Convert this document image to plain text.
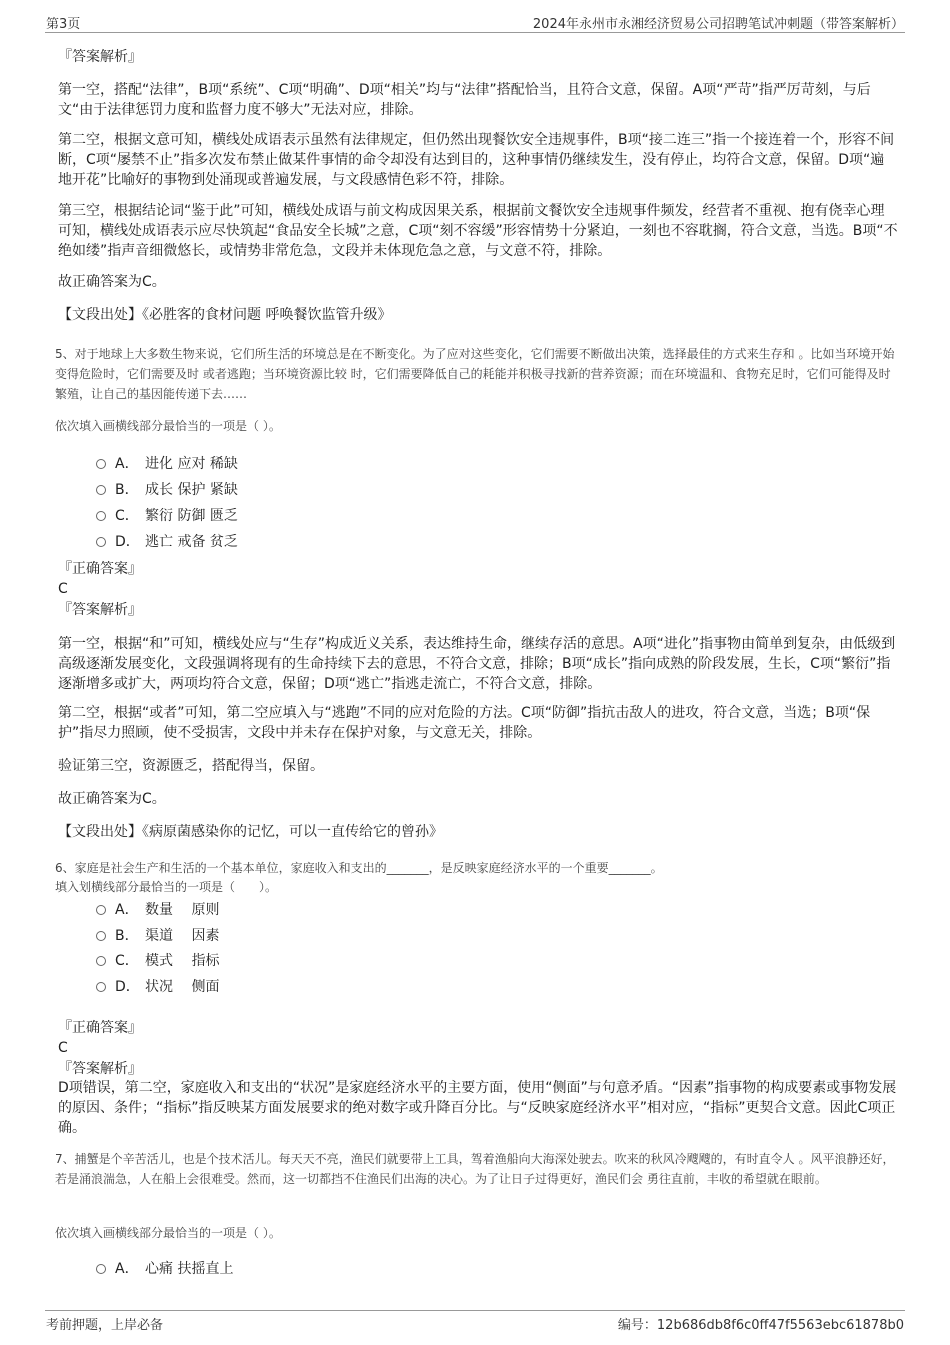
第3页	2024年永州市永湘经济贸易公司招聘笔试冲刺题（带答案解析）
『答案解析』

第一空，搭配“法律”，B项“系统”、C项“明确”、D项“相关”均与“法律”搭配恰当，且符合文意，保留。A项“严苛”指严厉苛刻，与后文“由于法律惩罚力度和监督力度不够大”无法对应，排除。

第二空，根据文意可知，横线处成语表示虽然有法律规定，但仍然出现餐饮安全违规事件，B项“接二连三”指一个接连着一个，形容不间断，C项“屡禁不止”指多次发布禁止做某件事情的命令却没有达到目的，这种事情仍继续发生，没有停止，均符合文意，保留。D项“遍地开花”比喻好的事物到处涌现或普遍发展，与文段感情色彩不符，排除。

第三空，根据结论词“鉴于此”可知，横线处成语与前文构成因果关系，根据前文餐饮安全违规事件频发，经营者不重视、抱有侥幸心理可知，横线处成语表示应尽快筑起“食品安全长城”之意，C项“刻不容缓”形容情势十分紧迫，一刻也不容耽搁，符合文意，当选。B项“不绝如缕”指声音细微悠长，或情势非常危急，文段并未体现危急之意，与文意不符，排除。

故正确答案为C。
【文段出处】《必胜客的食材问题 呼唤餐饮监管升级》

5、对于地球上大多数生物来说，它们所生活的环境总是在不断变化。为了应对这些变化，它们需要不断做出决策，选择最佳的方式来生存和 。比如当环境开始变得危险时，它们需要及时 或者逃跑；当环境资源比较 时，它们需要降低自己的耗能并积极寻找新的营养资源；而在环境温和、食物充足时，它们可能得及时繁殖，让自己的基因能传递下去……

依次填入画横线部分最恰当的一项是（ ）。
A． 进化 应对 稀缺
B． 成长 保护 紧缺
C． 繁衍 防御 匮乏
D． 逃亡 戒备 贫乏
『正确答案』
C
『答案解析』

第一空，根据“和”可知，横线处应与“生存”构成近义关系，表达维持生命，继续存活的意思。A项“进化”指事物由简单到复杂，由低级到高级逐渐发展变化，文段强调将现有的生命持续下去的意思，不符合文意，排除；B项“成长”指向成熟的阶段发展，生长，C项“繁衍”指逐渐增多或扩大，两项均符合文意，保留；D项“逃亡”指逃走流亡，不符合文意，排除。

第二空，根据“或者”可知，第二空应填入与“逃跑”不同的应对危险的方法。C项“防御”指抗击敌人的进攻，符合文意，当选；B项“保护”指尽力照顾，使不受损害，文段中并未存在保护对象，与文意无关，排除。

验证第三空，资源匮乏，搭配得当，保留。
故正确答案为C。
【文段出处】《病原菌感染你的记忆，可以一直传给它的曾孙》
6、家庭是社会生产和生活的一个基本单位，家庭收入和支出的_______，是反映家庭经济水平的一个重要_______。
填入划横线部分最恰当的一项是（　　）。
A． 数量　 原则
B． 渠道　 因素
C． 模式　 指标
D． 状况　 侧面
『正确答案』
C
『答案解析』

D项错误，第二空，家庭收入和支出的“状况”是家庭经济水平的主要方面，使用“侧面”与句意矛盾。“因素”指事物的构成要素或事物发展的原因、条件；“指标”指反映某方面发展要求的绝对数字或升降百分比。与“反映家庭经济水平”相对应，“指标”更契合文意。因此C项正确。

7、捕蟹是个辛苦活儿，也是个技术活儿。每天天不亮，渔民们就要带上工具，驾着渔船向大海深处驶去。吹来的秋风冷飕飕的，有时直令人 。风平浪静还好，若是涌浪湍急，人在船上会很难受。然而，这一切都挡不住渔民们出海的决心。为了让日子过得更好，渔民们会 勇往直前，丰收的希望就在眼前。

依次填入画横线部分最恰当的一项是（ ）。
A． 心痛 扶摇直上
考前押题，上岸必备	编号：12b686db8f6c0ff47f5563ebc61878b0
